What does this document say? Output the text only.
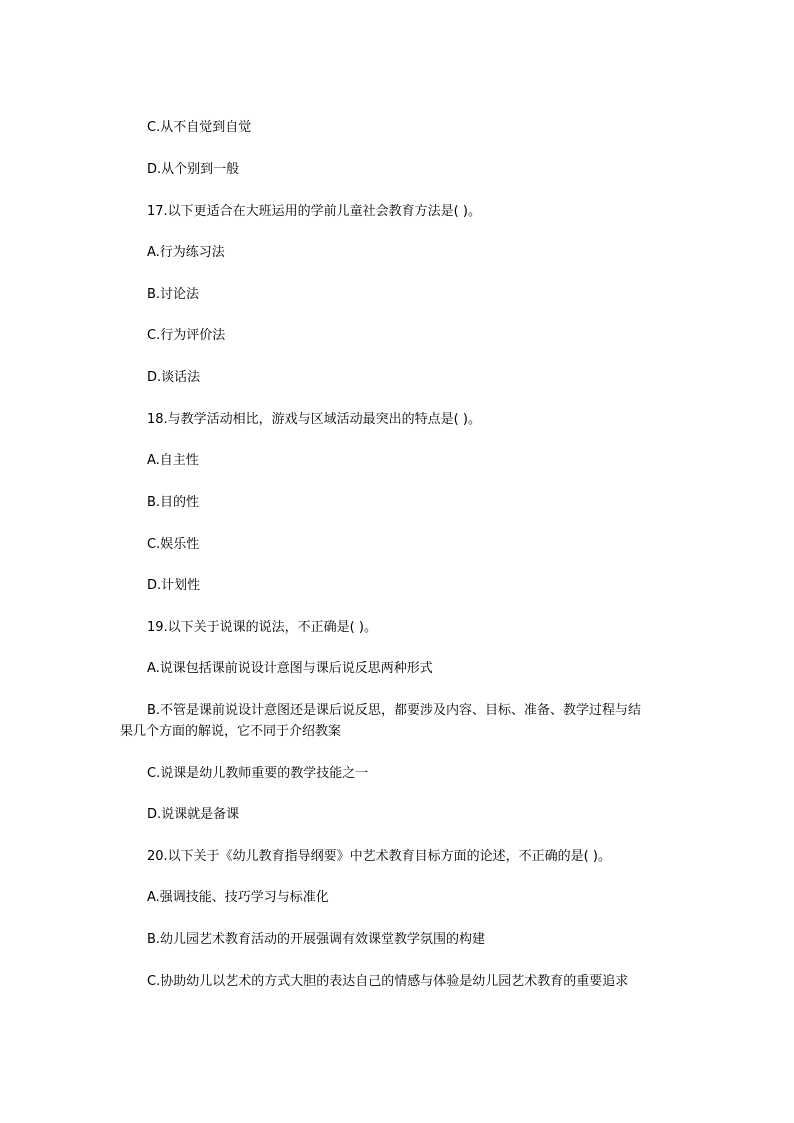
C.从不自觉到自觉
D.从个别到一般
17.以下更适合在大班运用的学前儿童社会教育方法是( )。
A.行为练习法
B.讨论法
C.行为评价法
D.谈话法
18.与教学活动相比，游戏与区域活动最突出的特点是( )。
A.自主性
B.目的性
C.娱乐性
D.计划性
19.以下关于说课的说法，不正确是( )。
A.说课包括课前说设计意图与课后说反思两种形式
B.不管是课前说设计意图还是课后说反思，都要涉及内容、目标、准备、教学过程与结果几个方面的解说，它不同于介绍教案
C.说课是幼儿教师重要的教学技能之一
D.说课就是备课
20.以下关于《幼儿教育指导纲要》中艺术教育目标方面的论述，不正确的是( )。
A.强调技能、技巧学习与标准化
B.幼儿园艺术教育活动的开展强调有效课堂教学氛围的构建
C.协助幼儿以艺术的方式大胆的表达自己的情感与体验是幼儿园艺术教育的重要追求
